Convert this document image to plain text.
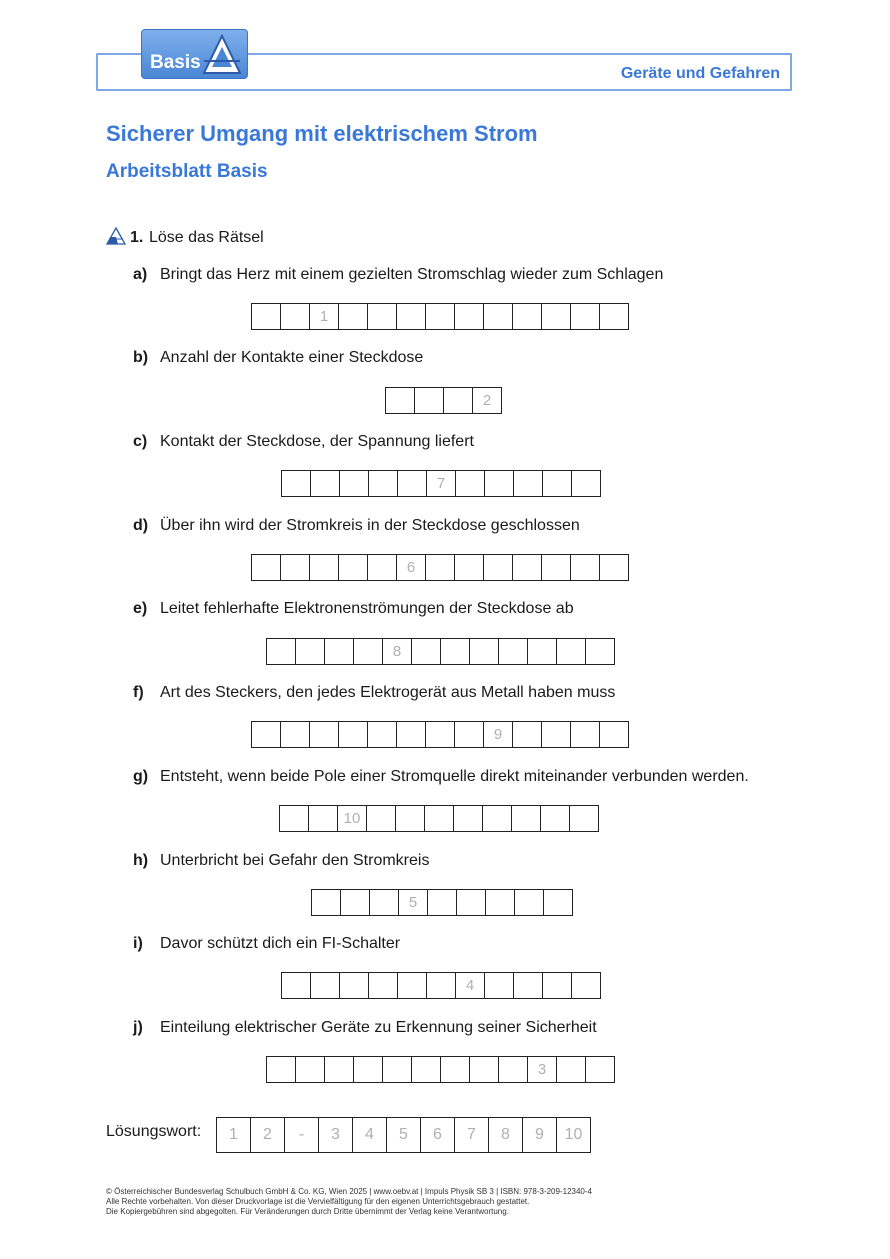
Geräte und Gefahren
Basis
Sicherer Umgang mit elektrischem Strom
Arbeitsblatt Basis
1. Löse das Rätsel
a) Bringt das Herz mit einem gezielten Stromschlag wieder zum Schlagen
1
b) Anzahl der Kontakte einer Steckdose
2
c) Kontakt der Steckdose, der Spannung liefert
7
d) Über ihn wird der Stromkreis in der Steckdose geschlossen
6
e) Leitet fehlerhafte Elektronenströmungen der Steckdose ab
8
f) Art des Steckers, den jedes Elektrogerät aus Metall haben muss
9
g) Entsteht, wenn beide Pole einer Stromquelle direkt miteinander verbunden werden.
10
h) Unterbricht bei Gefahr den Stromkreis
5
i) Davor schützt dich ein FI-Schalter
4
j) Einteilung elektrischer Geräte zu Erkennung seiner Sicherheit
3
Lösungswort:	1	2	-	3	4	5	6	7	8	9	10
© Österreichischer Bundesverlag Schulbuch GmbH & Co. KG, Wien 2025 | www.oebv.at | Impuls Physik SB 3 | ISBN: 978-3-209-12340-4
Alle Rechte vorbehalten. Von dieser Druckvorlage ist die Vervielfältigung für den eigenen Unterrichtsgebrauch gestattet.
Die Kopiergebühren sind abgegolten. Für Veränderungen durch Dritte übernimmt der Verlag keine Verantwortung.
